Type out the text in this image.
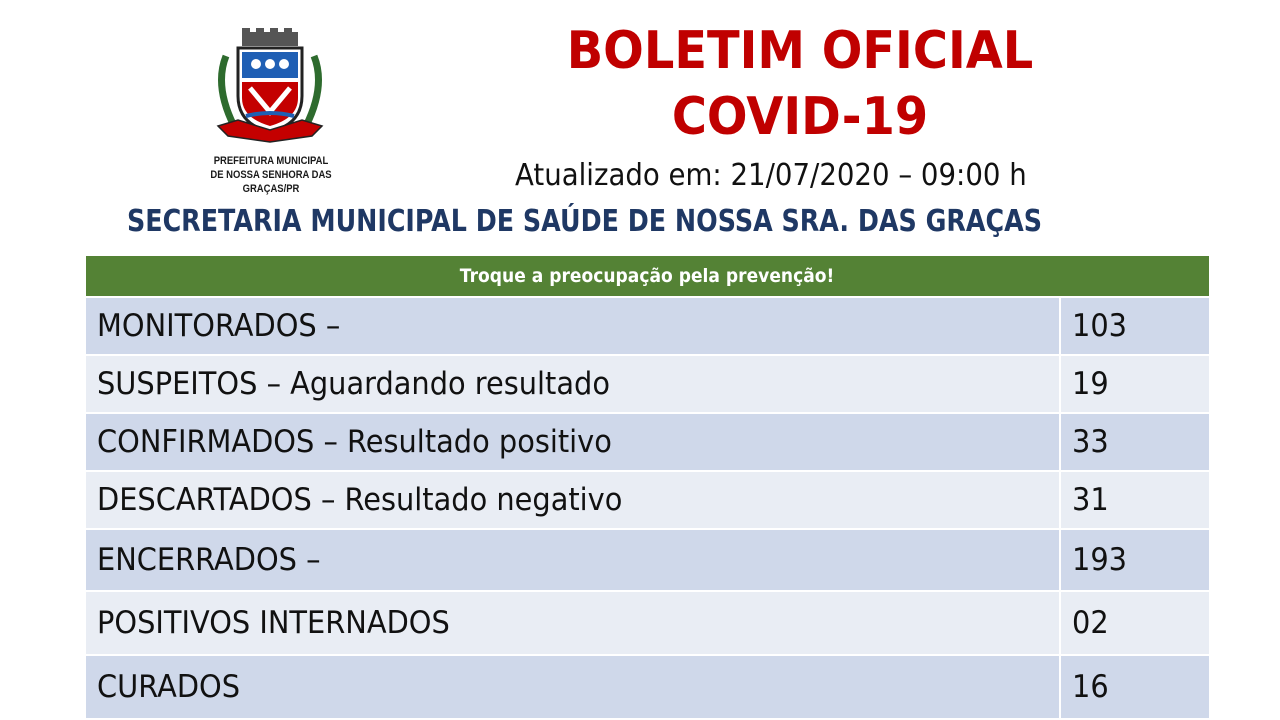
PREFEITURA MUNICIPAL
DE NOSSA SENHORA DAS GRAÇAS/PR
BOLETIM OFICIAL
COVID-19
Atualizado em: 21/07/2020 – 09:00 h
SECRETARIA MUNICIPAL DE SAÚDE DE NOSSA SRA. DAS GRAÇAS
Troque a preocupação pela prevenção!
MONITORADOS –	103
SUSPEITOS – Aguardando resultado	19
CONFIRMADOS – Resultado positivo	33
DESCARTADOS – Resultado negativo	31
ENCERRADOS –	193
POSITIVOS INTERNADOS	02
CURADOS	16
